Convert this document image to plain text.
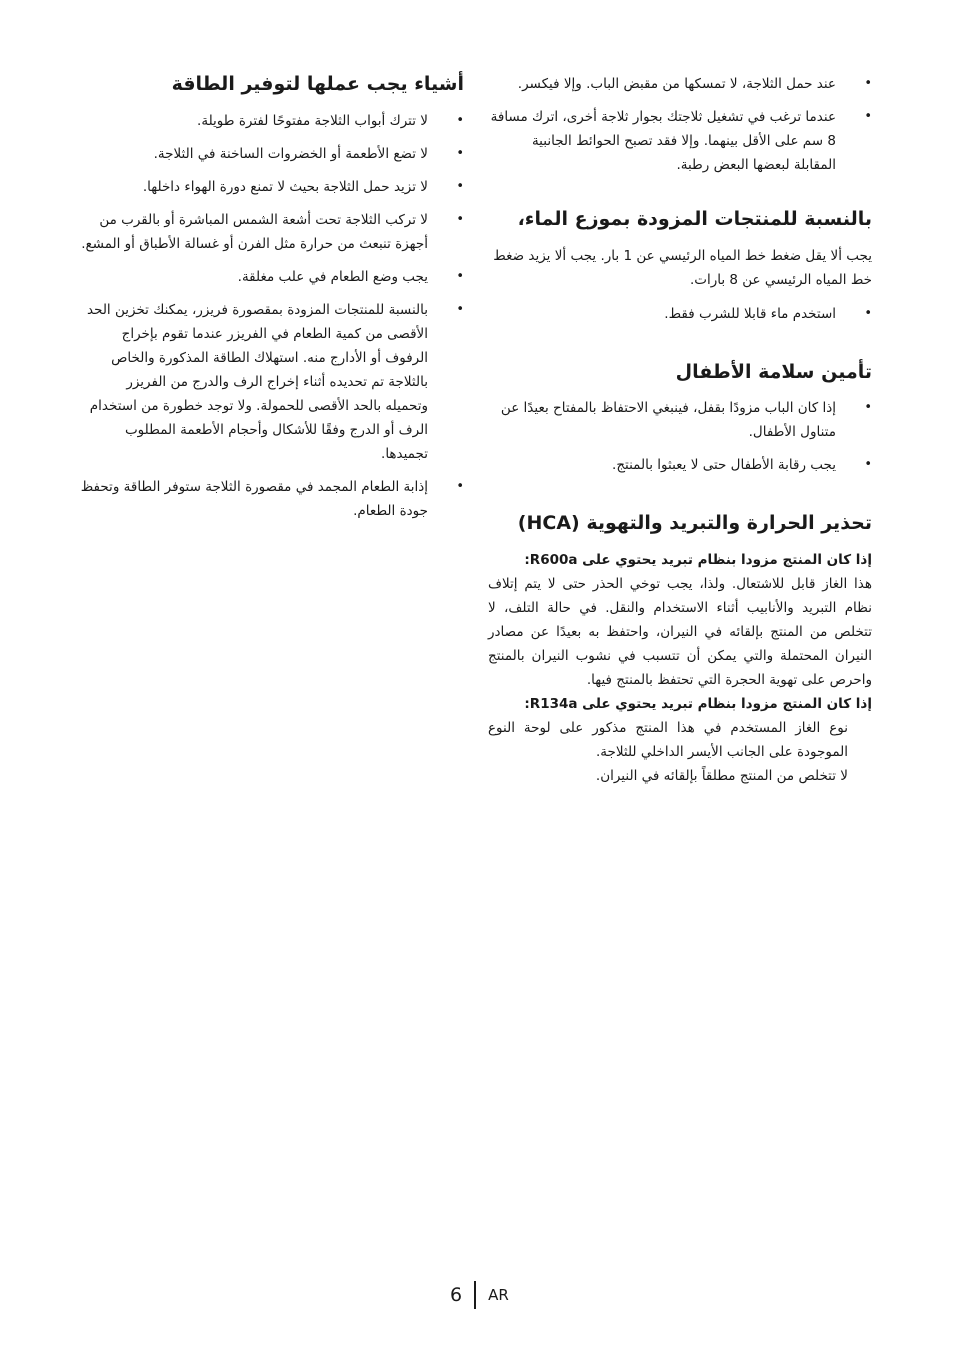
• عند حمل الثلاجة، لا تمسكها من مقبض الباب. وإلا فيكسر.
• عندما ترغب في تشغيل ثلاجتك بجوار ثلاجة أخرى، اترك مسافة 8 سم على الأقل بينهما. وإلا فقد تصبح الحوائط الجانبية المقابلة لبعضها البعض رطبة.
بالنسبة للمنتجات المزودة بموزع الماء،

يجب ألا يقل ضغط خط المياه الرئيسي عن 1 بار. يجب ألا يزيد ضغط خط المياه الرئيسي عن 8 بارات.

• استخدم ماء قابلا للشرب فقط.
تأمين سلامة الأطفال
• إذا كان الباب مزودًا بقفل، فينبغي الاحتفاظ بالمفتاح بعيدًا عن متناول الأطفال.
• يجب رقابة الأطفال حتى لا يعبثوا بالمنتج.
تحذير الحرارة والتبريد والتهوية (HCA)

إذا كان المنتج مزودا بنظام تبريد يحتوي على R600a:

هذا الغاز قابل للاشتعال. ولذا، يجب توخي الحذر حتى لا يتم إتلاف نظام التبريد والأنابيب أثناء الاستخدام والنقل. في حالة التلف، لا تتخلص من المنتج بإلقائه في النيران، واحتفظ به بعيدًا عن مصادر النيران المحتملة والتي يمكن أن تتسبب في نشوب النيران بالمنتج واحرص على تهوية الحجرة التي تحتفظ بالمنتج فيها.

إذا كان المنتج مزودا بنظام تبريد يحتوي على R134a:

نوع الغاز المستخدم في هذا المنتج مذكور على لوحة النوع الموجودة على الجانب الأيسر الداخلي للثلاجة.

لا تتخلص من المنتج مطلقاً بإلقائه في النيران.

أشياء يجب عملها لتوفير الطاقة
• لا تترك أبواب الثلاجة مفتوحًا لفترة طويلة.
• لا تضع الأطعمة أو الخضروات الساخنة في الثلاجة.
• لا تزيد حمل الثلاجة بحيث لا تمنع دورة الهواء داخلها.
• لا تركب الثلاجة تحت أشعة الشمس المباشرة أو بالقرب من أجهزة تنبعث من حرارة مثل الفرن أو غسالة الأطباق أو المشع.
• يجب وضع الطعام في علب مغلقة.
• بالنسبة للمنتجات المزودة بمقصورة فريزر، يمكنك تخزين الحد الأقصى من كمية الطعام في الفريزر عندما تقوم بإخراج الرفوف أو الأدارج منه. استهلاك الطاقة المذكورة والخاص بالثلاجة تم تحديده أثناء إخراج الرف والدرج من الفريزر وتحميله بالحد الأقصى للحمولة. ولا توجد خطورة من استخدام الرف أو الدرج وفقًا للأشكال وأحجام الأطعمة المطلوب تجميدها.
• إذابة الطعام المجمد في مقصورة الثلاجة ستوفر الطاقة وتحفظ جودة الطعام.
6 AR
